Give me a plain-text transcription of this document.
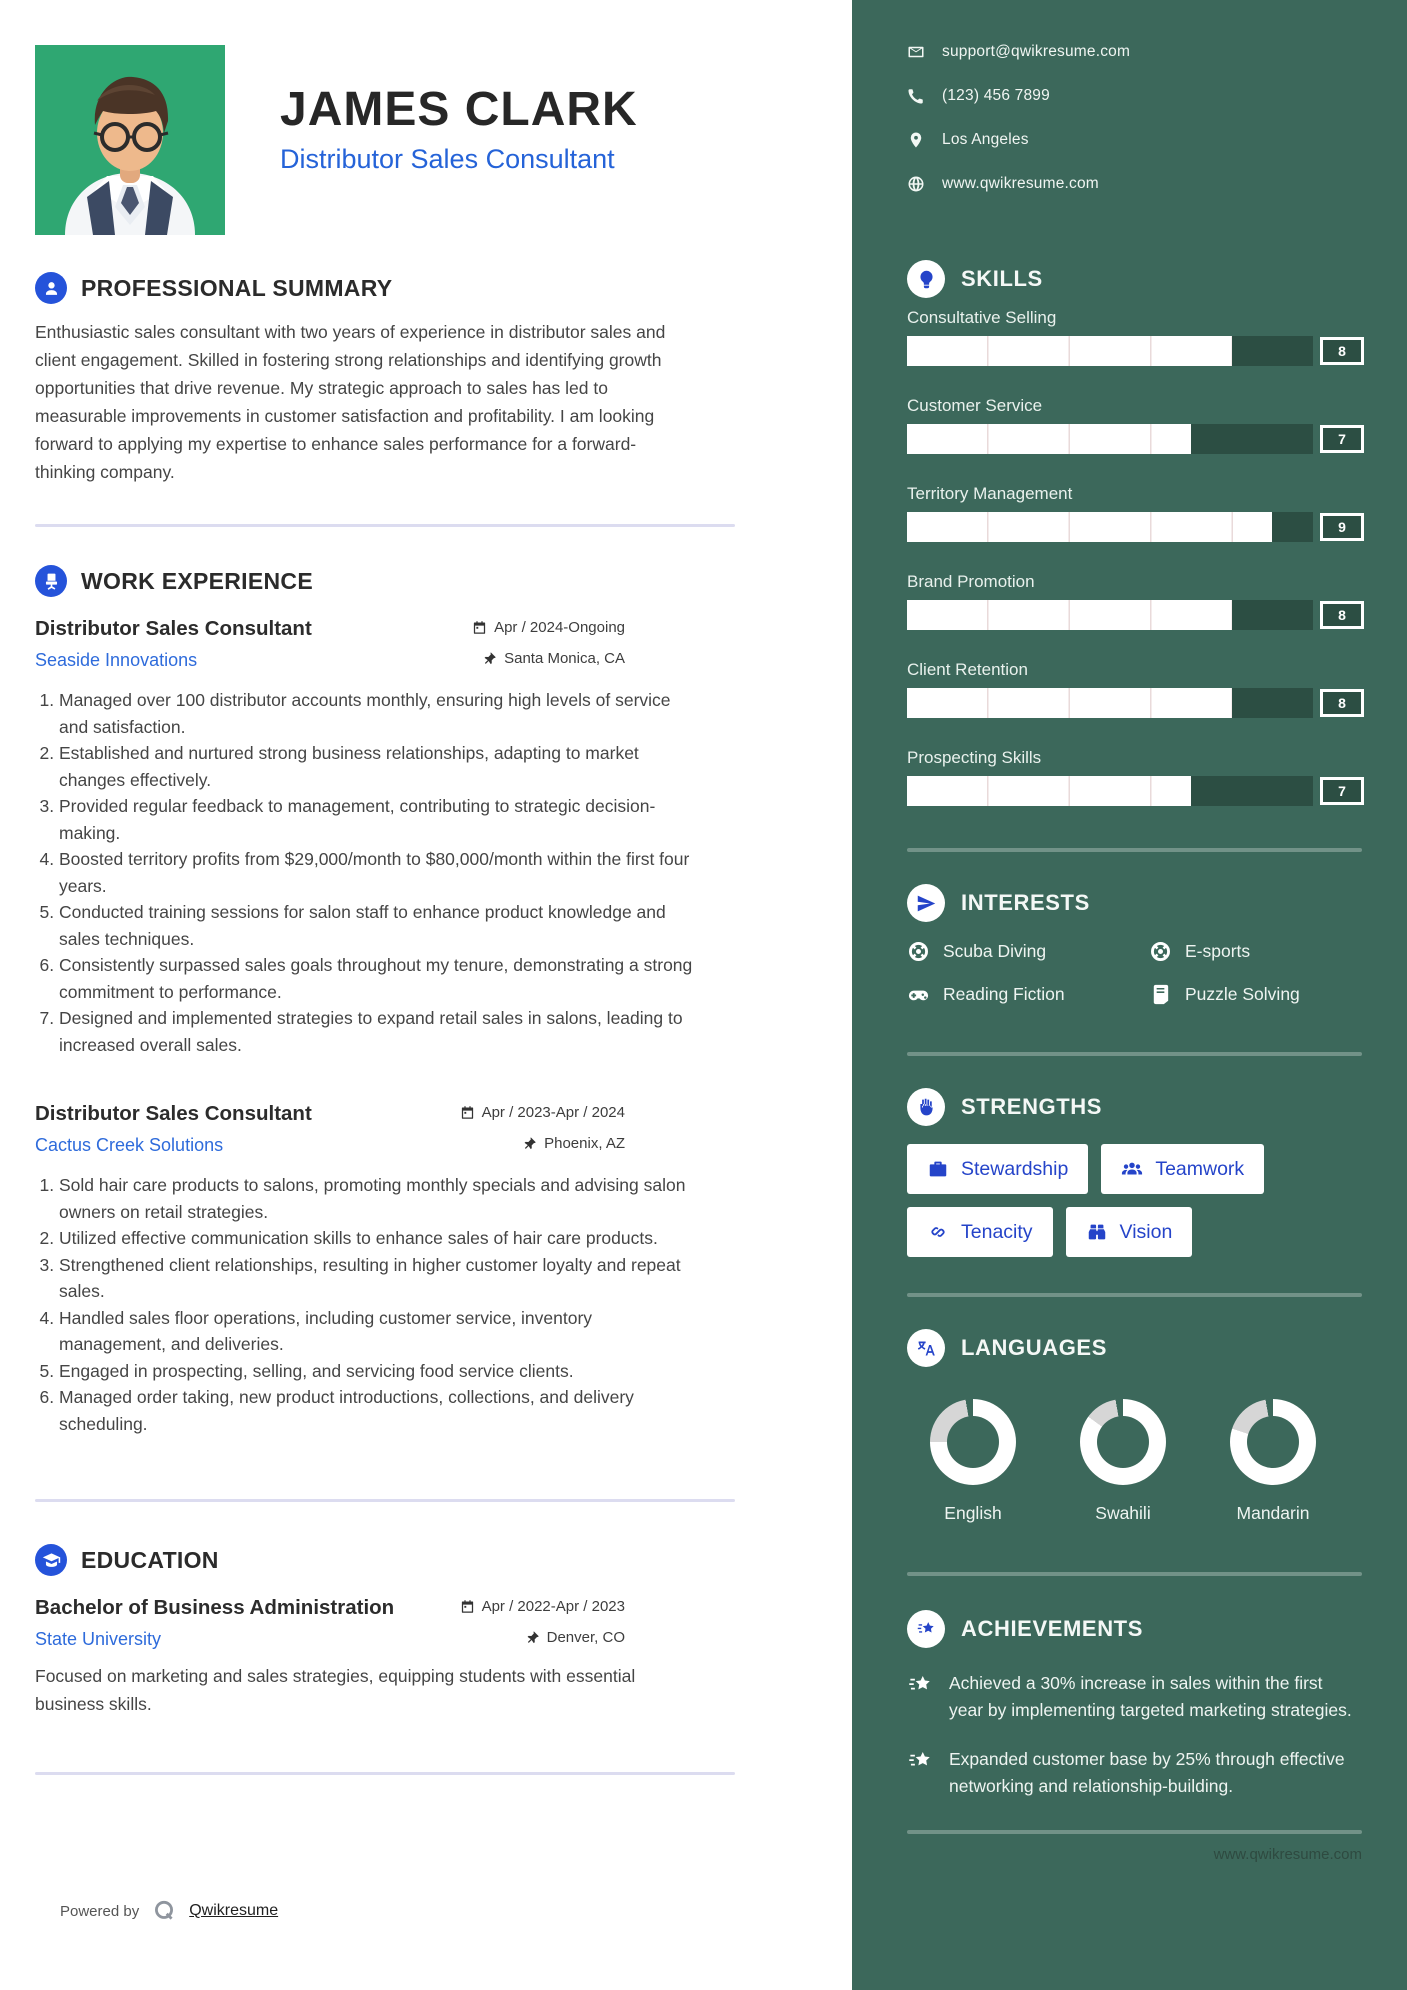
JAMES CLARK
Distributor Sales Consultant
PROFESSIONAL SUMMARY
Enthusiastic sales consultant with two years of experience in distributor sales and client engagement. Skilled in fostering strong relationships and identifying growth opportunities that drive revenue. My strategic approach to sales has led to measurable improvements in customer satisfaction and profitability. I am looking forward to applying my expertise to enhance sales performance for a forward-thinking company.
WORK EXPERIENCE
Distributor Sales Consultant	Apr / 2024-Ongoing
Seaside Innovations	Santa Monica, CA
1. Managed over 100 distributor accounts monthly, ensuring high levels of service and satisfaction.
2. Established and nurtured strong business relationships, adapting to market changes effectively.
3. Provided regular feedback to management, contributing to strategic decision-making.
4. Boosted territory profits from $29,000/month to $80,000/month within the first four years.
5. Conducted training sessions for salon staff to enhance product knowledge and sales techniques.
6. Consistently surpassed sales goals throughout my tenure, demonstrating a strong commitment to performance.
7. Designed and implemented strategies to expand retail sales in salons, leading to increased overall sales.
Distributor Sales Consultant	Apr / 2023-Apr / 2024
Cactus Creek Solutions	Phoenix, AZ
1. Sold hair care products to salons, promoting monthly specials and advising salon owners on retail strategies.
2. Utilized effective communication skills to enhance sales of hair care products.
3. Strengthened client relationships, resulting in higher customer loyalty and repeat sales.
4. Handled sales floor operations, including customer service, inventory management, and deliveries.
5. Engaged in prospecting, selling, and servicing food service clients.
6. Managed order taking, new product introductions, collections, and delivery scheduling.
EDUCATION
Bachelor of Business Administration	Apr / 2022-Apr / 2023
State University	Denver, CO
Focused on marketing and sales strategies, equipping students with essential business skills.
Powered by	Qwikresume
support@qwikresume.com
(123) 456 7899
Los Angeles
www.qwikresume.com
SKILLS
Consultative Selling
8
Customer Service
7
Territory Management
9
Brand Promotion
8
Client Retention
8
Prospecting Skills
7
INTERESTS
Scuba Diving	E-sports
Reading Fiction	Puzzle Solving
STRENGTHS
Stewardship	Teamwork
Tenacity	Vision
LANGUAGES
English	Swahili	Mandarin
ACHIEVEMENTS
Achieved a 30% increase in sales within the first year by implementing targeted marketing strategies.
Expanded customer base by 25% through effective networking and relationship-building.
www.qwikresume.com
